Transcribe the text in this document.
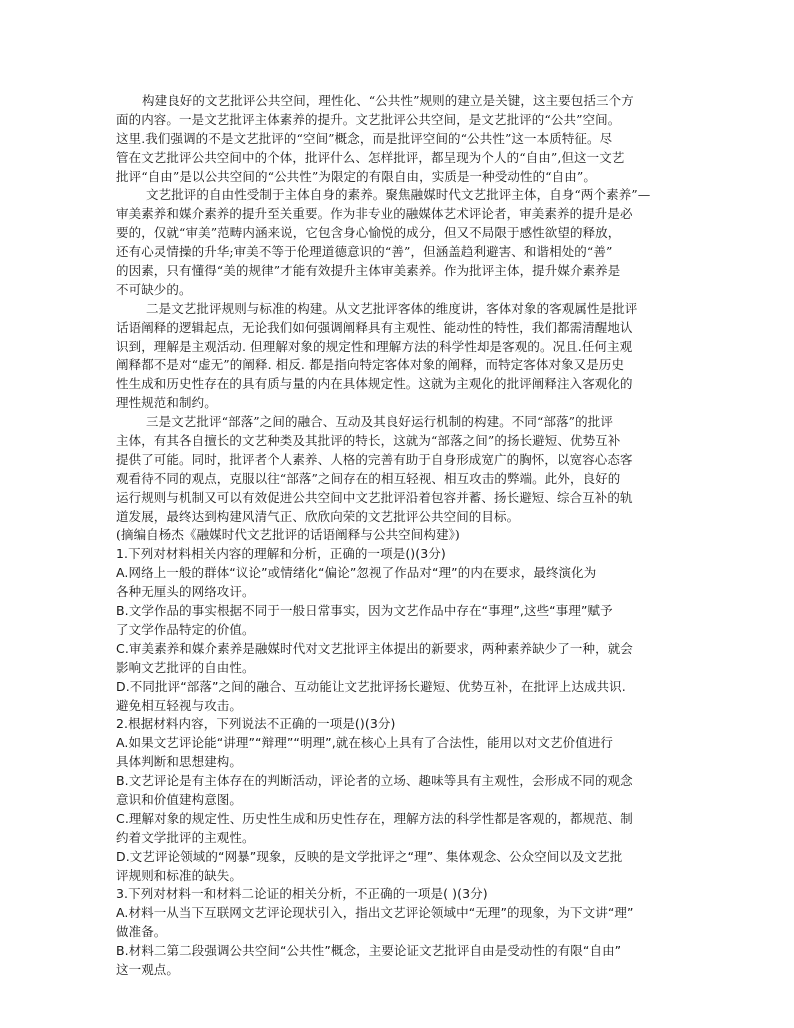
构建良好的文艺批评公共空间，理性化、“公共性”规则的建立是关键，这主要包括三个方
面的内容。一是文艺批评主体素养的提升。文艺批评公共空间，是文艺批评的“公共”空间。
这里.我们强调的不是文艺批评的“空间”概念，而是批评空间的“公共性”这一本质特征。尽
管在文艺批评公共空间中的个体，批评什么、怎样批评，都呈现为个人的“自由”,但这一文艺
批评“自由”是以公共空间的“公共性”为限定的有限自由，实质是一种受动性的“自由”。
文艺批评的自由性受制于主体自身的素养。聚焦融媒时代文艺批评主体，自身“两个素养”—
审美素养和媒介素养的提升至关重要。作为非专业的融媒体艺术评论者，审美素养的提升是必
要的，仅就“审美”范畴内涵来说，它包含身心愉悦的成分，但又不局限于感性欲望的释放，
还有心灵情操的升华;审美不等于伦理道德意识的“善”，但涵盖趋利避害、和谐相处的“善”
的因素，只有懂得“美的规律”才能有效提升主体审美素养。作为批评主体，提升媒介素养是
不可缺少的。
二是文艺批评规则与标准的构建。从文艺批评客体的维度讲，客体对象的客观属性是批评
话语阐释的逻辑起点，无论我们如何强调阐释具有主观性、能动性的特性，我们都需清醒地认
识到，理解是主观活动. 但理解对象的规定性和理解方法的科学性却是客观的。况且.任何主观
阐释都不是对“虚无”的阐释. 相反. 都是指向特定客体对象的阐释，而特定客体对象又是历史
性生成和历史性存在的具有质与量的内在具体规定性。这就为主观化的批评阐释注入客观化的
理性规范和制约。
三是文艺批评“部落”之间的融合、互动及其良好运行机制的构建。不同“部落”的批评
主体，有其各自擅长的文艺种类及其批评的特长，这就为“部落之间”的扬长避短、优势互补
提供了可能。同时，批评者个人素养、人格的完善有助于自身形成宽广的胸怀，以宽容心态客
观看待不同的观点，克服以往“部落”之间存在的相互轻视、相互攻击的弊端。此外，良好的
运行规则与机制又可以有效促进公共空间中文艺批评沿着包容并蓄、扬长避短、综合互补的轨
道发展，最终达到构建风清气正、欣欣向荣的文艺批评公共空间的目标。
(摘编自杨杰《融媒时代文艺批评的话语阐释与公共空间构建》)
1.下列对材料相关内容的理解和分析，正确的一项是()(3分)
A.网络上一般的群体“议论”或情绪化“偏论”忽视了作品对“理”的内在要求，最终演化为
各种无厘头的网络攻讦。
B.文学作品的事实根据不同于一般日常事实，因为文艺作品中存在“事理”,这些“事理”赋予
了文学作品特定的价值。
C.审美素养和媒介素养是融媒时代对文艺批评主体提出的新要求，两种素养缺少了一种，就会
影响文艺批评的自由性。
D.不同批评“部落”之间的融合、互动能让文艺批评扬长避短、优势互补，在批评上达成共识.
避免相互轻视与攻击。
2.根据材料内容，下列说法不正确的一项是()(3分)
A.如果文艺评论能“讲理”“辩理”“明理”,就在核心上具有了合法性，能用以对文艺价值进行
具体判断和思想建构。
B.文艺评论是有主体存在的判断活动，评论者的立场、趣味等具有主观性，会形成不同的观念
意识和价值建构意图。
C.理解对象的规定性、历史性生成和历史性存在，理解方法的科学性都是客观的，都规范、制
约着文学批评的主观性。
D.文艺评论领域的“网暴”现象，反映的是文学批评之“理”、集体观念、公众空间以及文艺批
评规则和标准的缺失。
3.下列对材料一和材料二论证的相关分析，不正确的一项是( )(3分)
A.材料一从当下互联网文艺评论现状引入，指出文艺评论领域中“无理”的现象，为下文讲“理”
做准备。
B.材料二第二段强调公共空间“公共性”概念，主要论证文艺批评自由是受动性的有限“自由”
这一观点。
